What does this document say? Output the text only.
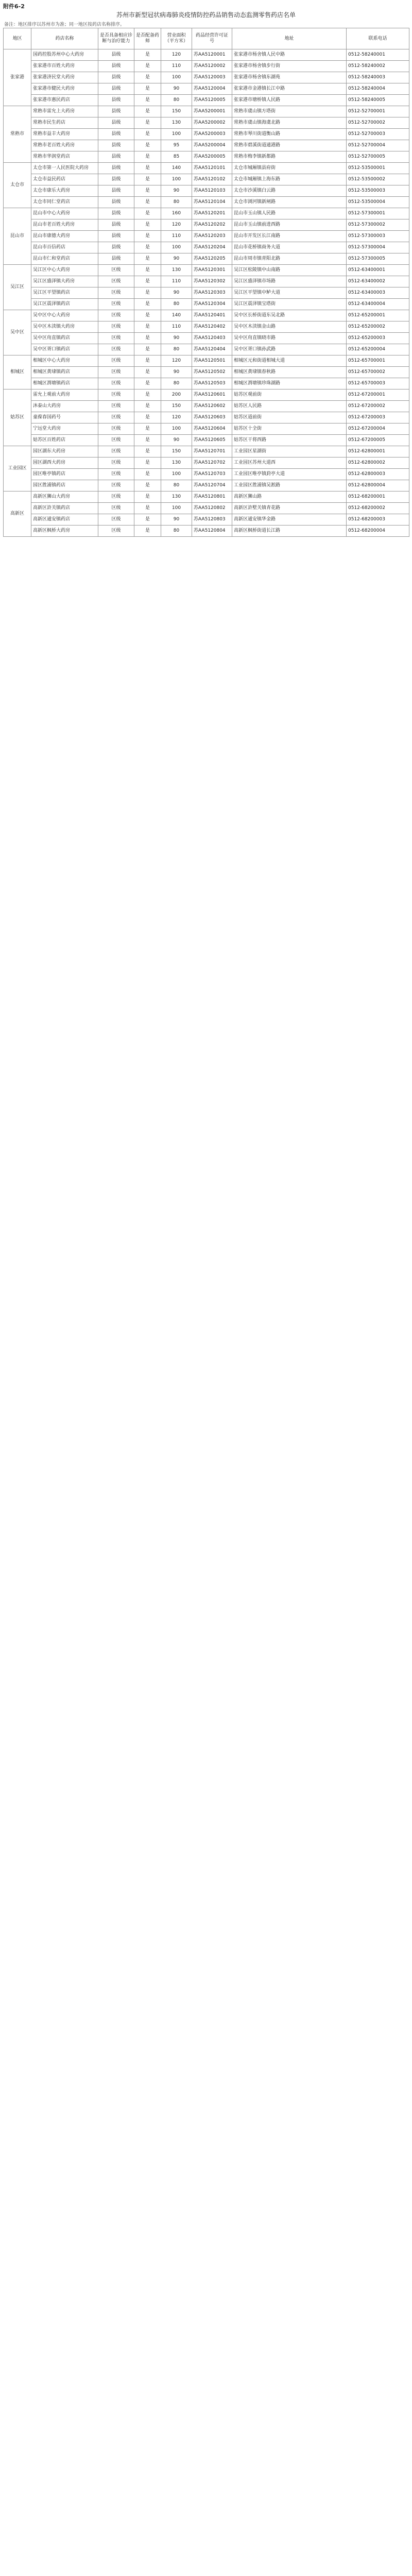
附件6-2
苏州市新型冠状病毒肺炎疫情防控药品销售动态监测零售药店名单
备注：地区排序以苏州市为准；同一地区按药店名称排序。
地区	药店名称	是否具备相应诊断与治疗能力	是否配备药师	营业面积（平方米）	药品经营许可证号	地址	联系电话
张家港	国药控股苏州中心大药房	县级	是	120	苏AA5120001	张家港市杨舍镇人民中路	0512-58240001
	张家港市百姓大药房	县级	是	110	苏AA5120002	张家港市杨舍镇步行街	0512-58240002
	张家港济民堂大药房	县级	是	100	苏AA5120003	张家港市杨舍镇东湖苑	0512-58240003
	张家港市健民大药房	县级	是	90	苏AA5120004	张家港市金港镇长江中路	0512-58240004
	张家港市惠民药店	县级	是	80	苏AA5120005	张家港市塘桥镇人民路	0512-58240005
常熟市	常熟市雷允上大药房	县级	是	150	苏AA5200001	常熟市虞山镇方塔街	0512-52700001
	常熟市民生药店	县级	是	130	苏AA5200002	常熟市虞山镇海虞北路	0512-52700002
	常熟市益丰大药房	县级	是	100	苏AA5200003	常熟市琴川街道衡山路	0512-52700003
	常熟市老百姓大药房	县级	是	95	苏AA5200004	常熟市碧溪街道通港路	0512-52700004
	常熟市华润堂药店	县级	是	85	苏AA5200005	常熟市梅李镇新都路	0512-52700005
太仓市	太仓市第一人民医院大药房	县级	是	140	苏AA5120101	太仓市城厢镇县府街	0512-53500001
	太仓市益民药店	县级	是	100	苏AA5120102	太仓市城厢镇上海东路	0512-53500002
	太仓市康乐大药房	县级	是	90	苏AA5120103	太仓市沙溪镇白云路	0512-53500003
	太仓市同仁堂药店	县级	是	80	苏AA5120104	太仓市浏河镇新闸路	0512-53500004
昆山市	昆山市中心大药房	县级	是	160	苏AA5120201	昆山市玉山镇人民路	0512-57300001
	昆山市老百姓大药房	县级	是	120	苏AA5120202	昆山市玉山镇前进西路	0512-57300002
	昆山市康德大药房	县级	是	110	苏AA5120203	昆山市开发区长江南路	0512-57300003
	昆山市百信药店	县级	是	100	苏AA5120204	昆山市花桥镇商务大道	0512-57300004
	昆山市仁和堂药店	县级	是	90	苏AA5120205	昆山市周市镇青阳北路	0512-57300005
吴江区	吴江区中心大药房	区级	是	130	苏AA5120301	吴江区松陵镇中山南路	0512-63400001
	吴江区盛泽镇大药房	区级	是	110	苏AA5120302	吴江区盛泽镇市场路	0512-63400002
	吴江区平望镇药店	区级	是	90	苏AA5120303	吴江区平望镇中鲈大道	0512-63400003
	吴江区震泽镇药店	区级	是	80	苏AA5120304	吴江区震泽镇宝塔街	0512-63400004
吴中区	吴中区中心大药房	区级	是	140	苏AA5120401	吴中区长桥街道东吴北路	0512-65200001
	吴中区木渎镇大药房	区级	是	110	苏AA5120402	吴中区木渎镇金山路	0512-65200002
	吴中区甪直镇药店	区级	是	90	苏AA5120403	吴中区甪直镇晓市路	0512-65200003
	吴中区胥口镇药店	区级	是	80	苏AA5120404	吴中区胥口镇孙武路	0512-65200004
相城区	相城区中心大药房	区级	是	120	苏AA5120501	相城区元和街道相城大道	0512-65700001
	相城区黄埭镇药店	区级	是	90	苏AA5120502	相城区黄埭镇春秋路	0512-65700002
	相城区渭塘镇药店	区级	是	80	苏AA5120503	相城区渭塘镇珍珠湖路	0512-65700003
姑苏区	雷允上观前大药房	区级	是	200	苏AA5120601	姑苏区观前街	0512-67200001
	沐泰山大药房	区级	是	150	苏AA5120602	姑苏区人民路	0512-67200002
	童葆春国药号	区级	是	120	苏AA5120603	姑苏区道前街	0512-67200003
	宁远堂大药房	区级	是	100	苏AA5120604	姑苏区十全街	0512-67200004
	姑苏区百姓药店	区级	是	90	苏AA5120605	姑苏区干将西路	0512-67200005
工业园区	园区湖东大药房	区级	是	150	苏AA5120701	工业园区星湖街	0512-62800001
	园区湖西大药房	区级	是	130	苏AA5120702	工业园区苏州大道西	0512-62800002
	园区唯亭镇药店	区级	是	100	苏AA5120703	工业园区唯亭镇葑亭大道	0512-62800003
	园区胜浦镇药店	区级	是	80	苏AA5120704	工业园区胜浦镇吴淞路	0512-62800004
高新区	高新区狮山大药房	区级	是	130	苏AA5120801	高新区狮山路	0512-68200001
	高新区浒关镇药店	区级	是	100	苏AA5120802	高新区浒墅关镇青花路	0512-68200002
	高新区通安镇药店	区级	是	90	苏AA5120803	高新区通安镇华金路	0512-68200003
	高新区枫桥大药房	区级	是	80	苏AA5120804	高新区枫桥街道长江路	0512-68200004
